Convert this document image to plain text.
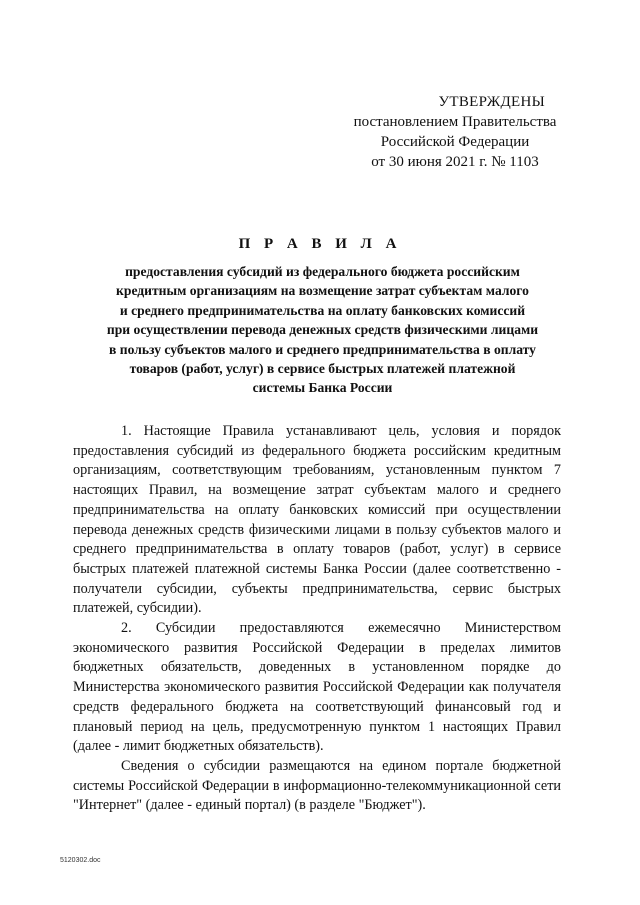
УТВЕРЖДЕНЫ
постановлением Правительства
Российской Федерации
от 30 июня 2021 г. № 1103
П Р А В И Л А
предоставления субсидий из федерального бюджета российским
кредитным организациям на возмещение затрат субъектам малого
и среднего предпринимательства на оплату банковских комиссий
при осуществлении перевода денежных средств физическими лицами
в пользу субъектов малого и среднего предпринимательства в оплату
товаров (работ, услуг) в сервисе быстрых платежей платежной
системы Банка России

1. Настоящие Правила устанавливают цель, условия и порядок предоставления субсидий из федерального бюджета российским кредитным организациям, соответствующим требованиям, установленным пунктом 7 настоящих Правил, на возмещение затрат субъектам малого и среднего предпринимательства на оплату банковских комиссий при осуществлении перевода денежных средств физическими лицами в пользу субъектов малого и среднего предпринимательства в оплату товаров (работ, услуг) в сервисе быстрых платежей платежной системы Банка России (далее соответственно - получатели субсидии, субъекты предпринимательства, сервис быстрых платежей, субсидии).

2. Субсидии предоставляются ежемесячно Министерством экономического развития Российской Федерации в пределах лимитов бюджетных обязательств, доведенных в установленном порядке до Министерства экономического развития Российской Федерации как получателя средств федерального бюджета на соответствующий финансовый год и плановый период на цель, предусмотренную пунктом 1 настоящих Правил (далее - лимит бюджетных обязательств).

Сведения о субсидии размещаются на едином портале бюджетной системы Российской Федерации в информационно-телекоммуникационной сети "Интернет" (далее - единый портал) (в разделе "Бюджет").

5120302.doc
